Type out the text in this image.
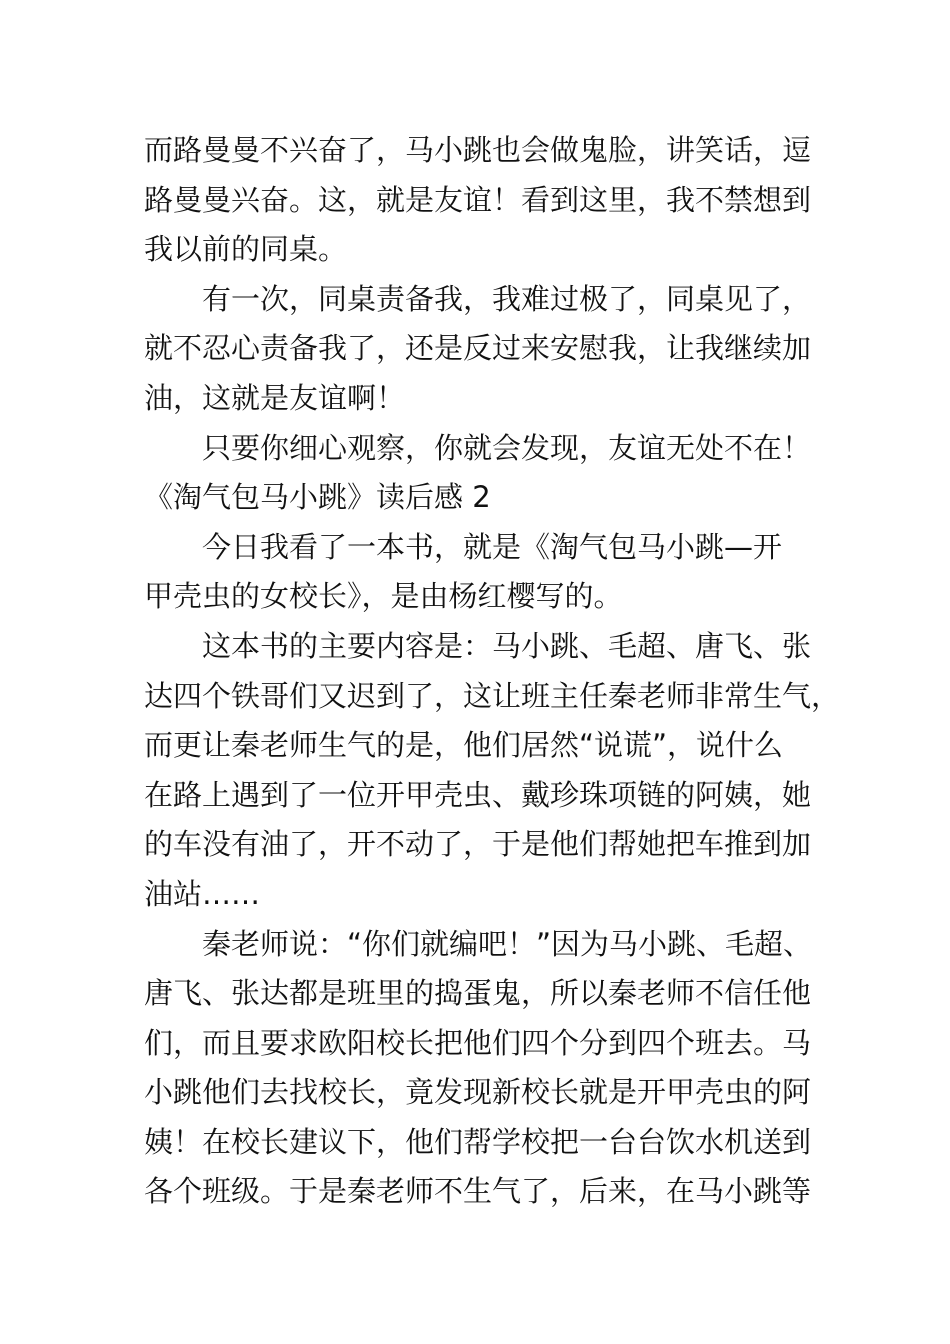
而路曼曼不兴奋了，马小跳也会做鬼脸，讲笑话，逗
路曼曼兴奋。这，就是友谊！看到这里，我不禁想到
我以前的同桌。
有一次，同桌责备我，我难过极了，同桌见了，
就不忍心责备我了，还是反过来安慰我，让我继续加
油，这就是友谊啊！
只要你细心观察，你就会发现，友谊无处不在！
《淘气包马小跳》读后感 2
今日我看了一本书，就是《淘气包马小跳—开
甲壳虫的女校长》，是由杨红樱写的。
这本书的主要内容是：马小跳、毛超、唐飞、张
达四个铁哥们又迟到了，这让班主任秦老师非常生气，
而更让秦老师生气的是，他们居然“说谎”，说什么
在路上遇到了一位开甲壳虫、戴珍珠项链的阿姨，她
的车没有油了，开不动了，于是他们帮她把车推到加
油站……
秦老师说：“你们就编吧！”因为马小跳、毛超、
唐飞、张达都是班里的捣蛋鬼，所以秦老师不信任他
们，而且要求欧阳校长把他们四个分到四个班去。马
小跳他们去找校长，竟发现新校长就是开甲壳虫的阿
姨！在校长建议下，他们帮学校把一台台饮水机送到
各个班级。于是秦老师不生气了，后来，在马小跳等
